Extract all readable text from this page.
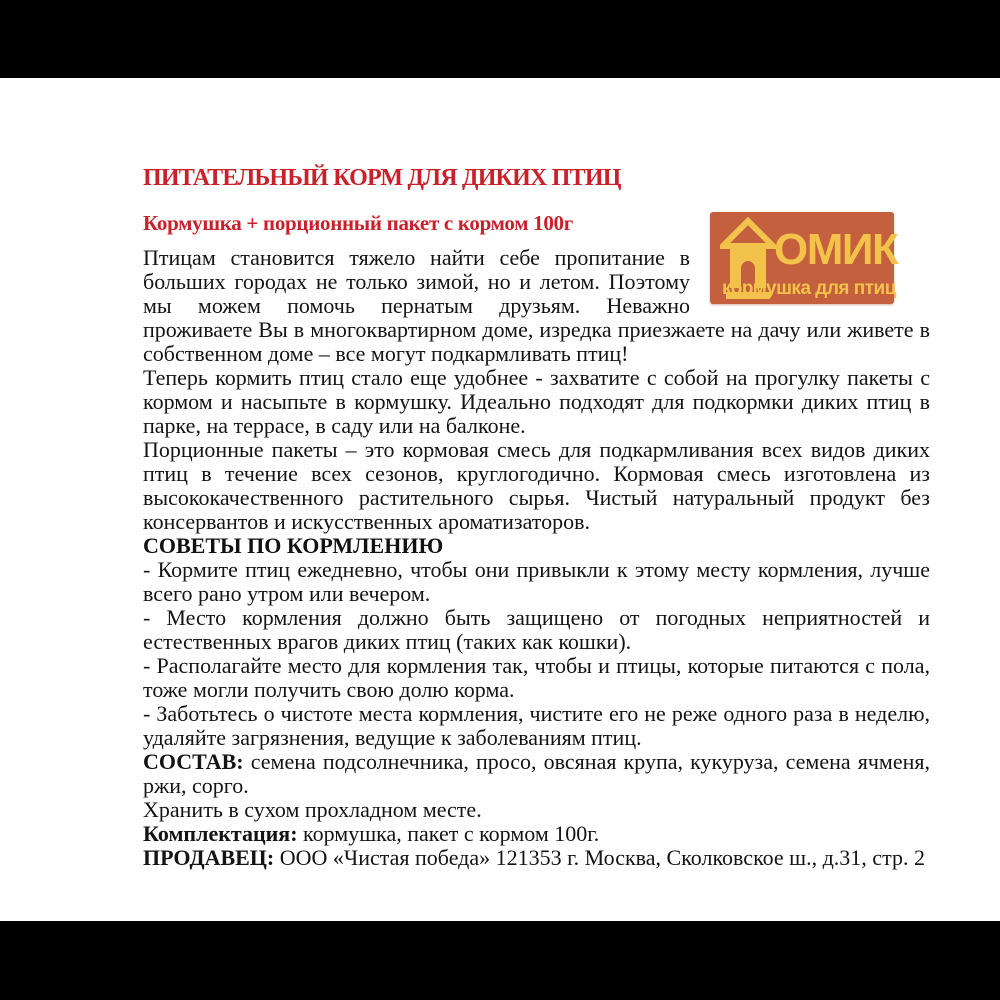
ПИТАТЕЛЬНЫЙ КОРМ ДЛЯ ДИКИХ ПТИЦ
ОМИК
кормушка для птиц
Кормушка + порционный пакет с кормом 100г

Птицам становится тяжело найти себе пропитание в больших городах не только зимой, но и летом. Поэтому мы можем помочь пернатым друзьям. Неважно проживаете Вы в многоквартирном доме, изредка приезжаете на дачу или живете в собственном доме – все могут подкармливать птиц!

Теперь кормить птиц стало еще удобнее - захватите с собой на прогулку пакеты с кормом и насыпьте в кормушку. Идеально подходят для подкормки диких птиц в парке, на террасе, в саду или на балконе.

Порционные пакеты – это кормовая смесь для подкармливания всех видов диких птиц в течение всех сезонов, круглогодично. Кормовая смесь изготовлена из высококачественного растительного сырья. Чистый натуральный продукт без консервантов и искусственных ароматизаторов.

СОВЕТЫ ПО КОРМЛЕНИЮ

- Кормите птиц ежедневно, чтобы они привыкли к этому месту кормления, лучше всего рано утром или вечером.

- Место кормления должно быть защищено от погодных неприятностей и естественных врагов диких птиц (таких как кошки).

- Располагайте место для кормления так, чтобы и птицы, которые питаются с пола, тоже могли получить свою долю корма.

- Заботьтесь о чистоте места кормления, чистите его не реже одного раза в неделю, удаляйте загрязнения, ведущие к заболеваниям птиц.

СОСТАВ: семена подсолнечника, просо, овсяная крупа, кукуруза, семена ячменя, ржи, сорго.

Хранить в сухом прохладном месте.

Комплектация: кормушка, пакет с кормом 100г.

ПРОДАВЕЦ: ООО «Чистая победа» 121353 г. Москва, Сколковское ш., д.31, стр. 2
